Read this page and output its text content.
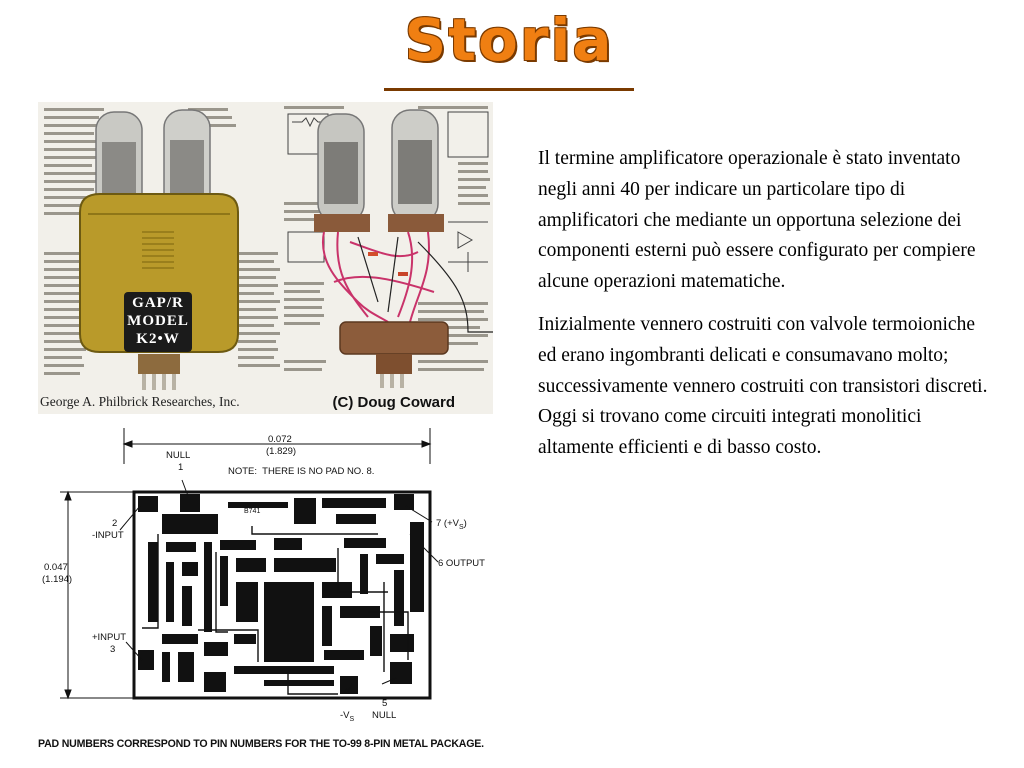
Storia
GAP/R
MODEL
K2•W
George A. Philbrick Researches, Inc.	(C) Doug Coward
0.072
(1.829)
0.047
(1.194)
NOTE:  THERE IS NO PAD NO. 8.
B741
NULL
1
2
-INPUT
7 $(+V_S)$
6 OUTPUT
+INPUT
3
4
$-V_S$
5
NULL
PAD NUMBERS CORRESPOND TO PIN NUMBERS FOR THE TO-99 8-PIN METAL PACKAGE.

Il termine amplificatore operazionale è stato inventato negli anni 40 per indicare un particolare tipo di amplificatori che mediante un opportuna selezione dei componenti esterni può essere configurato per compiere alcune operazioni matematiche.

Inizialmente vennero costruiti con valvole termoioniche ed erano ingombranti delicati e consumavano molto; successivamente vennero costruiti con transistori discreti. Oggi si trovano come circuiti integrati monolitici altamente efficienti e di basso costo.
